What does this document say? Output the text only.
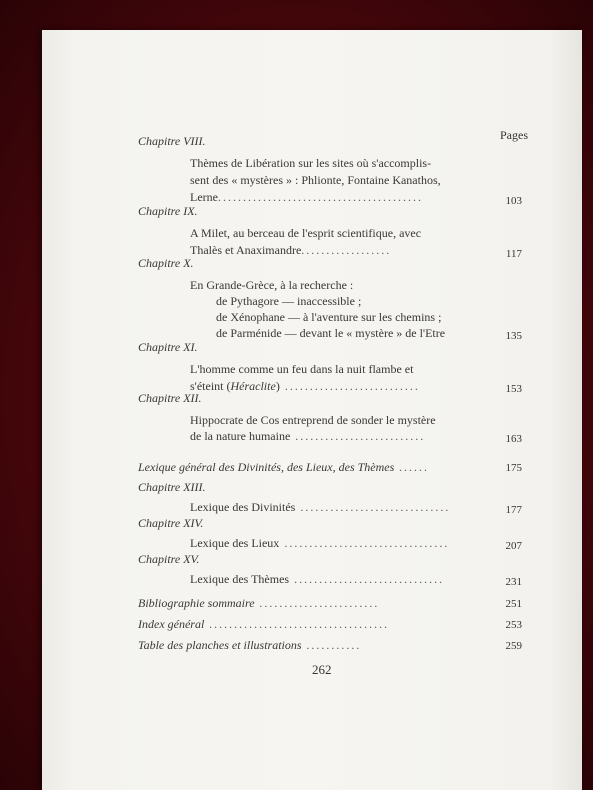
Pages
Chapitre VIII.
Thèmes de Libération sur les sites où s'accomplis-
sent des « mystères » : Phlionte, Fontaine Kanathos,
Lerne.........................................	103
Chapitre IX.
A Milet, au berceau de l'esprit scientifique, avec
Thalès et Anaximandre..................	117
Chapitre X.
En Grande-Grèce, à la recherche :
de Pythagore — inaccessible ;
de Xénophane — à l'aventure sur les chemins ;
de Parménide — devant le « mystère » de l'Etre	135
Chapitre XI.
L'homme comme un feu dans la nuit flambe et
s'éteint (Héraclite) ...........................	153
Chapitre XII.
Hippocrate de Cos entreprend de sonder le mystère
de la nature humaine ..........................	163
Lexique général des Divinités, des Lieux, des Thèmes ......	175
Chapitre XIII.
Lexique des Divinités ..............................	177
Chapitre XIV.
Lexique des Lieux .................................	207
Chapitre XV.
Lexique des Thèmes ..............................	231
Bibliographie sommaire ........................	251
Index général ....................................	253
Table des planches et illustrations ...........	259
262
